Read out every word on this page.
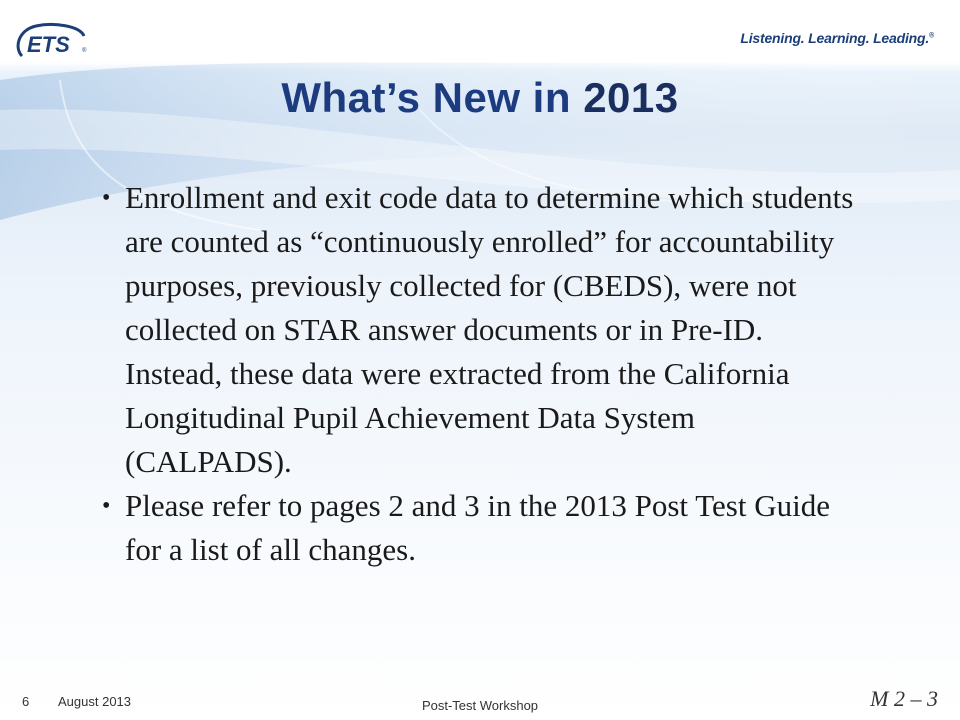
ETS ®
Listening. Learning. Leading.®
What’s New in 2013
• Enrollment and exit code data to determine which students are counted as “continuously enrolled” for accountability purposes, previously collected for (CBEDS), were not collected on STAR answer documents or in Pre-ID. Instead, these data were extracted from the California Longitudinal Pupil Achievement Data System (CALPADS).
• Please refer to pages 2 and 3 in the 2013 Post Test Guide for a list of all changes.
6 August 2013	Post-Test Workshop	M 2 – 3
